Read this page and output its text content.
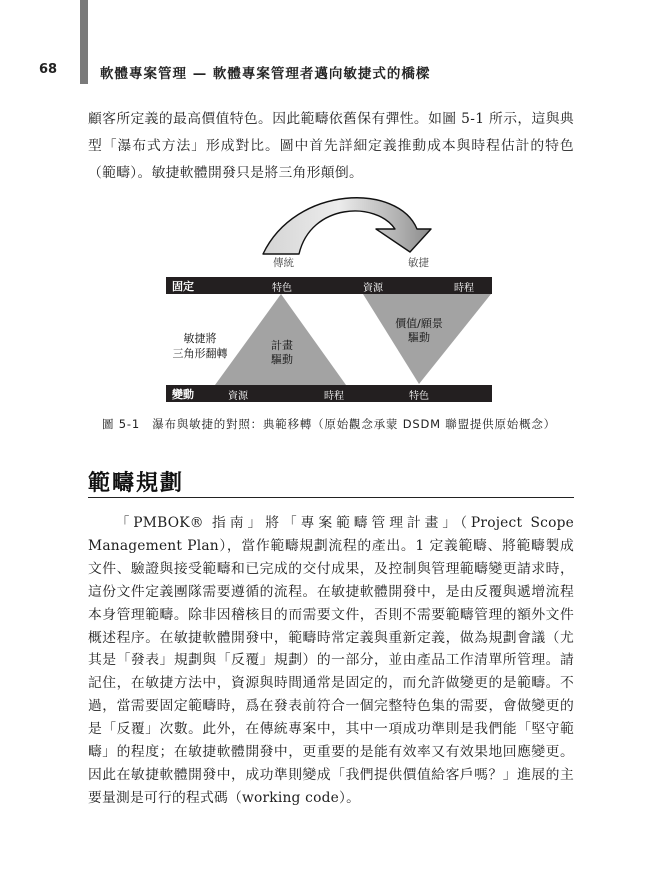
68	軟體專案管理 — 軟體專案管理者邁向敏捷式的橋樑

顧客所定義的最高價值特色。因此範疇依舊保有彈性。如圖 5-1 所示，這與典型「瀑布式方法」形成對比。圖中首先詳細定義推動成本與時程估計的特色（範疇）。敏捷軟體開發只是將三角形顛倒。

傳統	敏捷
固定	特色	資源	時程
變動	資源	時程	特色
敏捷將
三角形翻轉
計畫
驅動
價值/願景
驅動
圖 5-1　瀑布與敏捷的對照：典範移轉（原始觀念承蒙 DSDM 聯盟提供原始概念）
範疇規劃

「PMBOK® 指南」將「專案範疇管理計畫」（Project Scope Management Plan），當作範疇規劃流程的產出。1 定義範疇、將範疇製成文件、驗證與接受範疇和已完成的交付成果，及控制與管理範疇變更請求時，這份文件定義團隊需要遵循的流程。在敏捷軟體開發中，是由反覆與遞增流程本身管理範疇。除非因稽核目的而需要文件，否則不需要範疇管理的額外文件概述程序。在敏捷軟體開發中，範疇時常定義與重新定義，做為規劃會議（尤其是「發表」規劃與「反覆」規劃）的一部分，並由產品工作清單所管理。請記住，在敏捷方法中，資源與時間通常是固定的，而允許做變更的是範疇。不過，當需要固定範疇時，爲在發表前符合一個完整特色集的需要，會做變更的是「反覆」次數。此外，在傳統專案中，其中一項成功準則是我們能「堅守範疇」的程度；在敏捷軟體開發中，更重要的是能有效率又有效果地回應變更。因此在敏捷軟體開發中，成功準則變成「我們提供價值給客戶嗎？」進展的主要量測是可行的程式碼（working code）。
